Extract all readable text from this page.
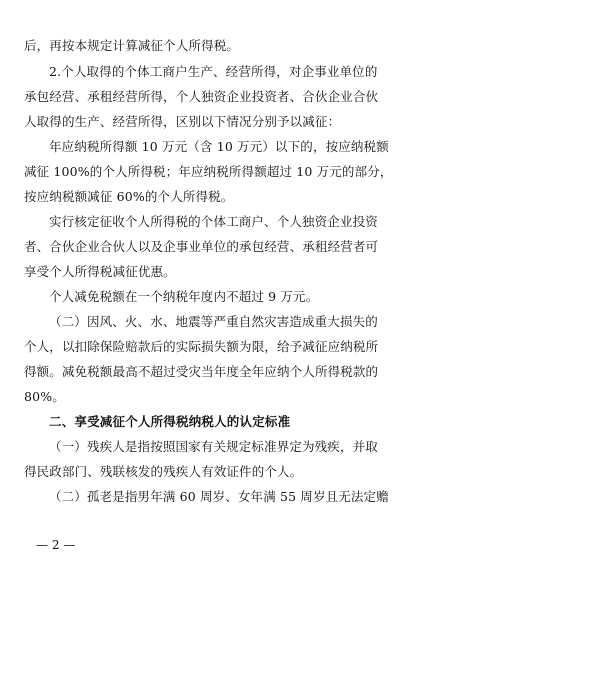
后，再按本规定计算减征个人所得税。
2.个人取得的个体工商户生产、经营所得，对企事业单位的
承包经营、承租经营所得，个人独资企业投资者、合伙企业合伙
人取得的生产、经营所得，区别以下情况分别予以减征：
年应纳税所得额 10 万元（含 10 万元）以下的，按应纳税额
减征 100%的个人所得税；年应纳税所得额超过 10 万元的部分，
按应纳税额减征 60%的个人所得税。
实行核定征收个人所得税的个体工商户、个人独资企业投资
者、合伙企业合伙人以及企事业单位的承包经营、承租经营者可
享受个人所得税减征优惠。
个人减免税额在一个纳税年度内不超过 9 万元。
（二）因风、火、水、地震等严重自然灾害造成重大损失的
个人，以扣除保险赔款后的实际损失额为限，给予减征应纳税所
得额。减免税额最高不超过受灾当年度全年应纳个人所得税款的
80%。
二、享受减征个人所得税纳税人的认定标准
（一）残疾人是指按照国家有关规定标准界定为残疾，并取
得民政部门、残联核发的残疾人有效证件的个人。
（二）孤老是指男年满 60 周岁、女年满 55 周岁且无法定赡
— 2 —
